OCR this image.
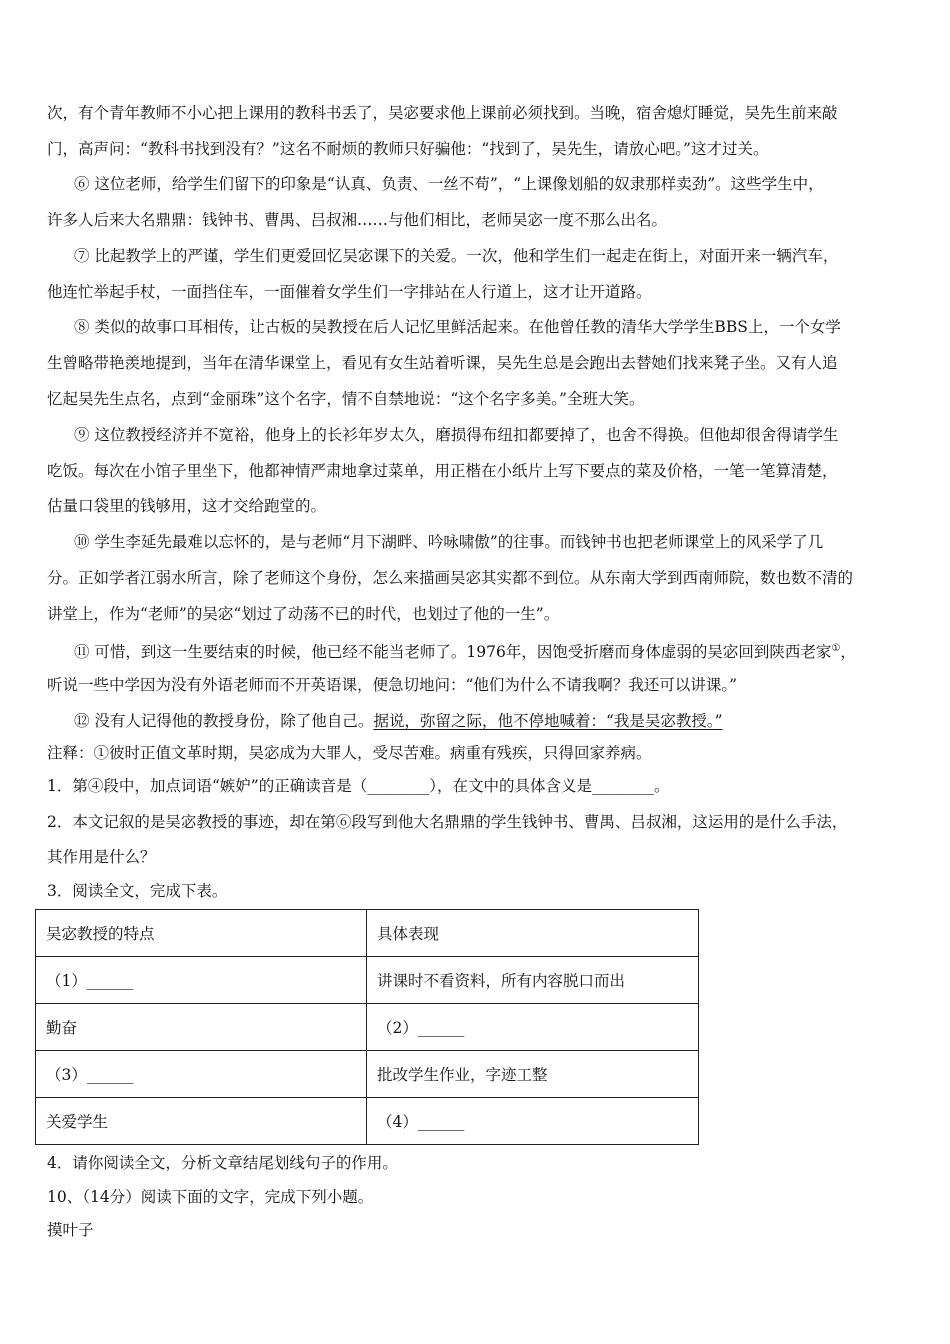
次，有个青年教师不小心把上课用的教科书丢了，吴宓要求他上课前必须找到。当晚，宿舍熄灯睡觉，吴先生前来敲
门，高声问：“教科书找到没有？”这名不耐烦的教师只好骗他：“找到了，吴先生，请放心吧。”这才过关。
⑥ 这位老师，给学生们留下的印象是“认真、负责、一丝不苟”，“上课像划船的奴隶那样卖劲”。这些学生中，
许多人后来大名鼎鼎：钱钟书、曹禺、吕叔湘……与他们相比，老师吴宓一度不那么出名。
⑦ 比起教学上的严谨，学生们更爱回忆吴宓课下的关爱。一次，他和学生们一起走在街上，对面开来一辆汽车，
他连忙举起手杖，一面挡住车，一面催着女学生们一字排站在人行道上，这才让开道路。
⑧ 类似的故事口耳相传，让古板的吴教授在后人记忆里鲜活起来。在他曾任教的清华大学学生BBS上，一个女学
生曾略带艳羡地提到，当年在清华课堂上，看见有女生站着听课，吴先生总是会跑出去替她们找来凳子坐。又有人追
忆起吴先生点名，点到“金丽珠”这个名字，情不自禁地说：“这个名字多美。”全班大笑。
⑨ 这位教授经济并不宽裕，他身上的长衫年岁太久，磨损得布纽扣都要掉了，也舍不得换。但他却很舍得请学生
吃饭。每次在小馆子里坐下，他都神情严肃地拿过菜单，用正楷在小纸片上写下要点的菜及价格，一笔一笔算清楚，
估量口袋里的钱够用，这才交给跑堂的。
⑩ 学生李延先最难以忘怀的，是与老师“月下湖畔、吟咏啸傲”的往事。而钱钟书也把老师课堂上的风采学了几
分。正如学者江弱水所言，除了老师这个身份，怎么来描画吴宓其实都不到位。从东南大学到西南师院，数也数不清的
讲堂上，作为“老师”的吴宓“划过了动荡不已的时代，也划过了他的一生”。
⑪ 可惜，到这一生要结束的时候，他已经不能当老师了。1976年，因饱受折磨而身体虚弱的吴宓回到陕西老家①，
听说一些中学因为没有外语老师而不开英语课，便急切地问：“他们为什么不请我啊？我还可以讲课。”
⑫ 没有人记得他的教授身份，除了他自己。据说，弥留之际，他不停地喊着：“我是吴宓教授。”
注释：①彼时正值文革时期，吴宓成为大罪人，受尽苦难。病重有残疾，只得回家养病。
1．第④段中，加点词语“嫉妒”的正确读音是（________），在文中的具体含义是________。
2．本文记叙的是吴宓教授的事迹，却在第⑥段写到他大名鼎鼎的学生钱钟书、曹禺、吕叔湘，这运用的是什么手法，
其作用是什么？
3．阅读全文，完成下表。
吴宓教授的特点	具体表现
（1）______	讲课时不看资料，所有内容脱口而出
勤奋	（2）______
（3）______	批改学生作业，字迹工整
关爱学生	（4）______
4．请你阅读全文，分析文章结尾划线句子的作用。
10、（14分）阅读下面的文字，完成下列小题。
摸叶子
